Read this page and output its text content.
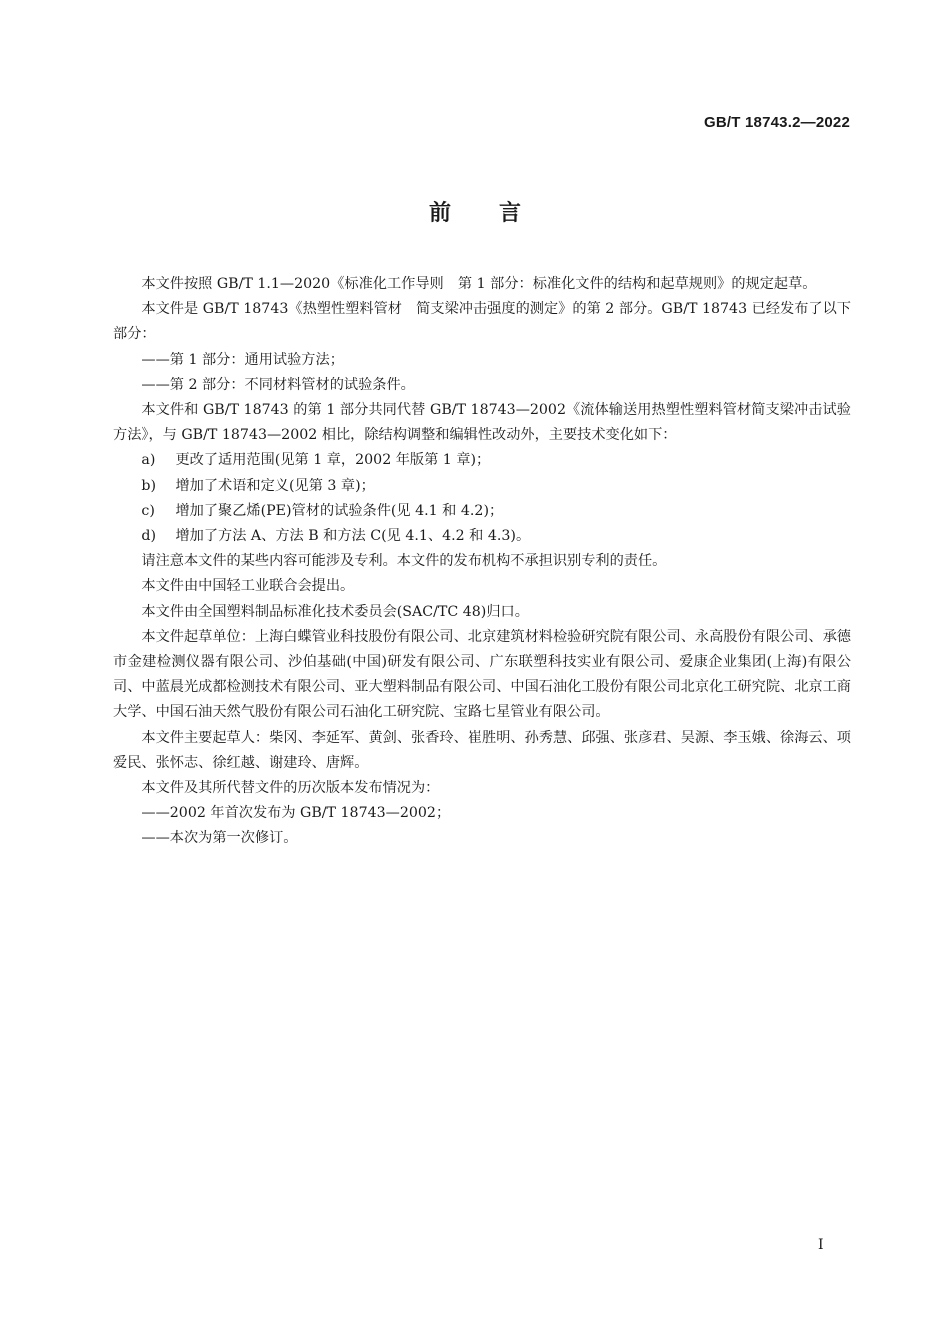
GB/T 18743.2—2022
前言

本文件按照 GB/T 1.1—2020《标准化工作导则　第 1 部分：标准化文件的结构和起草规则》的规定起草。

本文件是 GB/T 18743《热塑性塑料管材　简支梁冲击强度的测定》的第 2 部分。GB/T 18743 已经发布了以下部分：

——第 1 部分：通用试验方法；

——第 2 部分：不同材料管材的试验条件。

本文件和 GB/T 18743 的第 1 部分共同代替 GB/T 18743—2002《流体输送用热塑性塑料管材简支梁冲击试验方法》，与 GB/T 18743—2002 相比，除结构调整和编辑性改动外，主要技术变化如下：

a) 更改了适用范围(见第 1 章，2002 年版第 1 章)；

b) 增加了术语和定义(见第 3 章)；

c) 增加了聚乙烯(PE)管材的试验条件(见 4.1 和 4.2)；

d) 增加了方法 A、方法 B 和方法 C(见 4.1、4.2 和 4.3)。

请注意本文件的某些内容可能涉及专利。本文件的发布机构不承担识别专利的责任。

本文件由中国轻工业联合会提出。

本文件由全国塑料制品标准化技术委员会(SAC/TC 48)归口。

本文件起草单位：上海白蝶管业科技股份有限公司、北京建筑材料检验研究院有限公司、永高股份有限公司、承德市金建检测仪器有限公司、沙伯基础(中国)研发有限公司、广东联塑科技实业有限公司、爱康企业集团(上海)有限公司、中蓝晨光成都检测技术有限公司、亚大塑料制品有限公司、中国石油化工股份有限公司北京化工研究院、北京工商大学、中国石油天然气股份有限公司石油化工研究院、宝路七星管业有限公司。

本文件主要起草人：柴冈、李延军、黄剑、张香玲、崔胜明、孙秀慧、邱强、张彦君、吴源、李玉娥、徐海云、项爱民、张怀志、徐红越、谢建玲、唐辉。

本文件及其所代替文件的历次版本发布情况为：

——2002 年首次发布为 GB/T 18743—2002；

——本次为第一次修订。

I
